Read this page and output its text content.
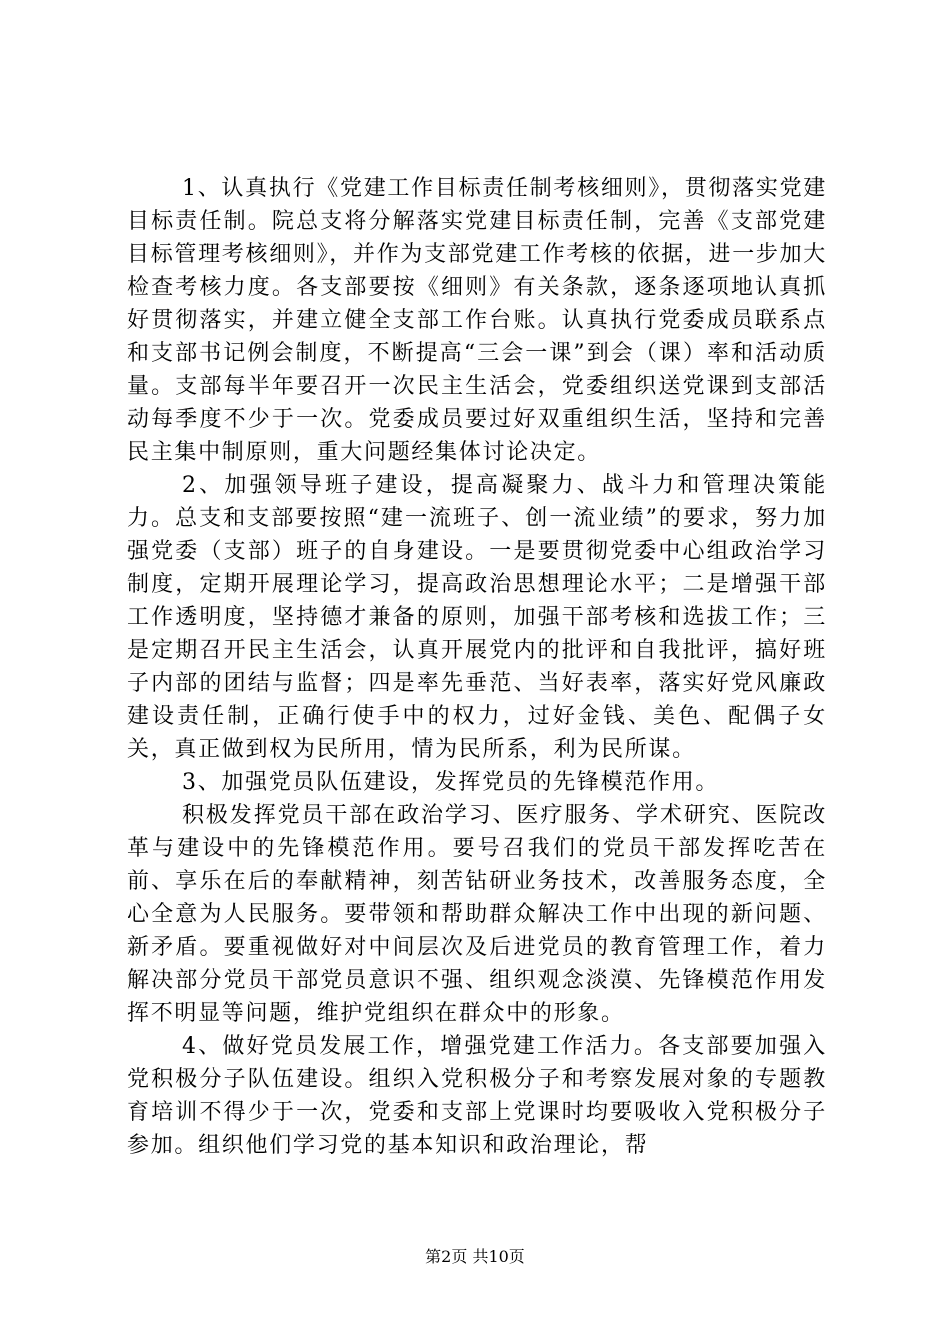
1、认真执行《党建工作目标责任制考核细则》，贯彻落实党建目标责任制。院总支将分解落实党建目标责任制，完善《支部党建目标管理考核细则》，并作为支部党建工作考核的依据，进一步加大检查考核力度。各支部要按《细则》有关条款，逐条逐项地认真抓好贯彻落实，并建立健全支部工作台账。认真执行党委成员联系点和支部书记例会制度，不断提高“三会一课”到会（课）率和活动质量。支部每半年要召开一次民主生活会，党委组织送党课到支部活动每季度不少于一次。党委成员要过好双重组织生活，坚持和完善民主集中制原则，重大问题经集体讨论决定。

2、加强领导班子建设，提高凝聚力、战斗力和管理决策能力。总支和支部要按照“建一流班子、创一流业绩”的要求，努力加强党委（支部）班子的自身建设。一是要贯彻党委中心组政治学习制度，定期开展理论学习，提高政治思想理论水平；二是增强干部工作透明度，坚持德才兼备的原则，加强干部考核和选拔工作；三是定期召开民主生活会，认真开展党内的批评和自我批评，搞好班子内部的团结与监督；四是率先垂范、当好表率，落实好党风廉政建设责任制，正确行使手中的权力，过好金钱、美色、配偶子女关，真正做到权为民所用，情为民所系，利为民所谋。

3、加强党员队伍建设，发挥党员的先锋模范作用。

积极发挥党员干部在政治学习、医疗服务、学术研究、医院改革与建设中的先锋模范作用。要号召我们的党员干部发挥吃苦在前、享乐在后的奉献精神，刻苦钻研业务技术，改善服务态度，全心全意为人民服务。要带领和帮助群众解决工作中出现的新问题、新矛盾。要重视做好对中间层次及后进党员的教育管理工作，着力解决部分党员干部党员意识不强、组织观念淡漠、先锋模范作用发挥不明显等问题，维护党组织在群众中的形象。

4、做好党员发展工作，增强党建工作活力。各支部要加强入党积极分子队伍建设。组织入党积极分子和考察发展对象的专题教育培训不得少于一次，党委和支部上党课时均要吸收入党积极分子参加。组织他们学习党的基本知识和政治理论，帮

第2页 共10页
